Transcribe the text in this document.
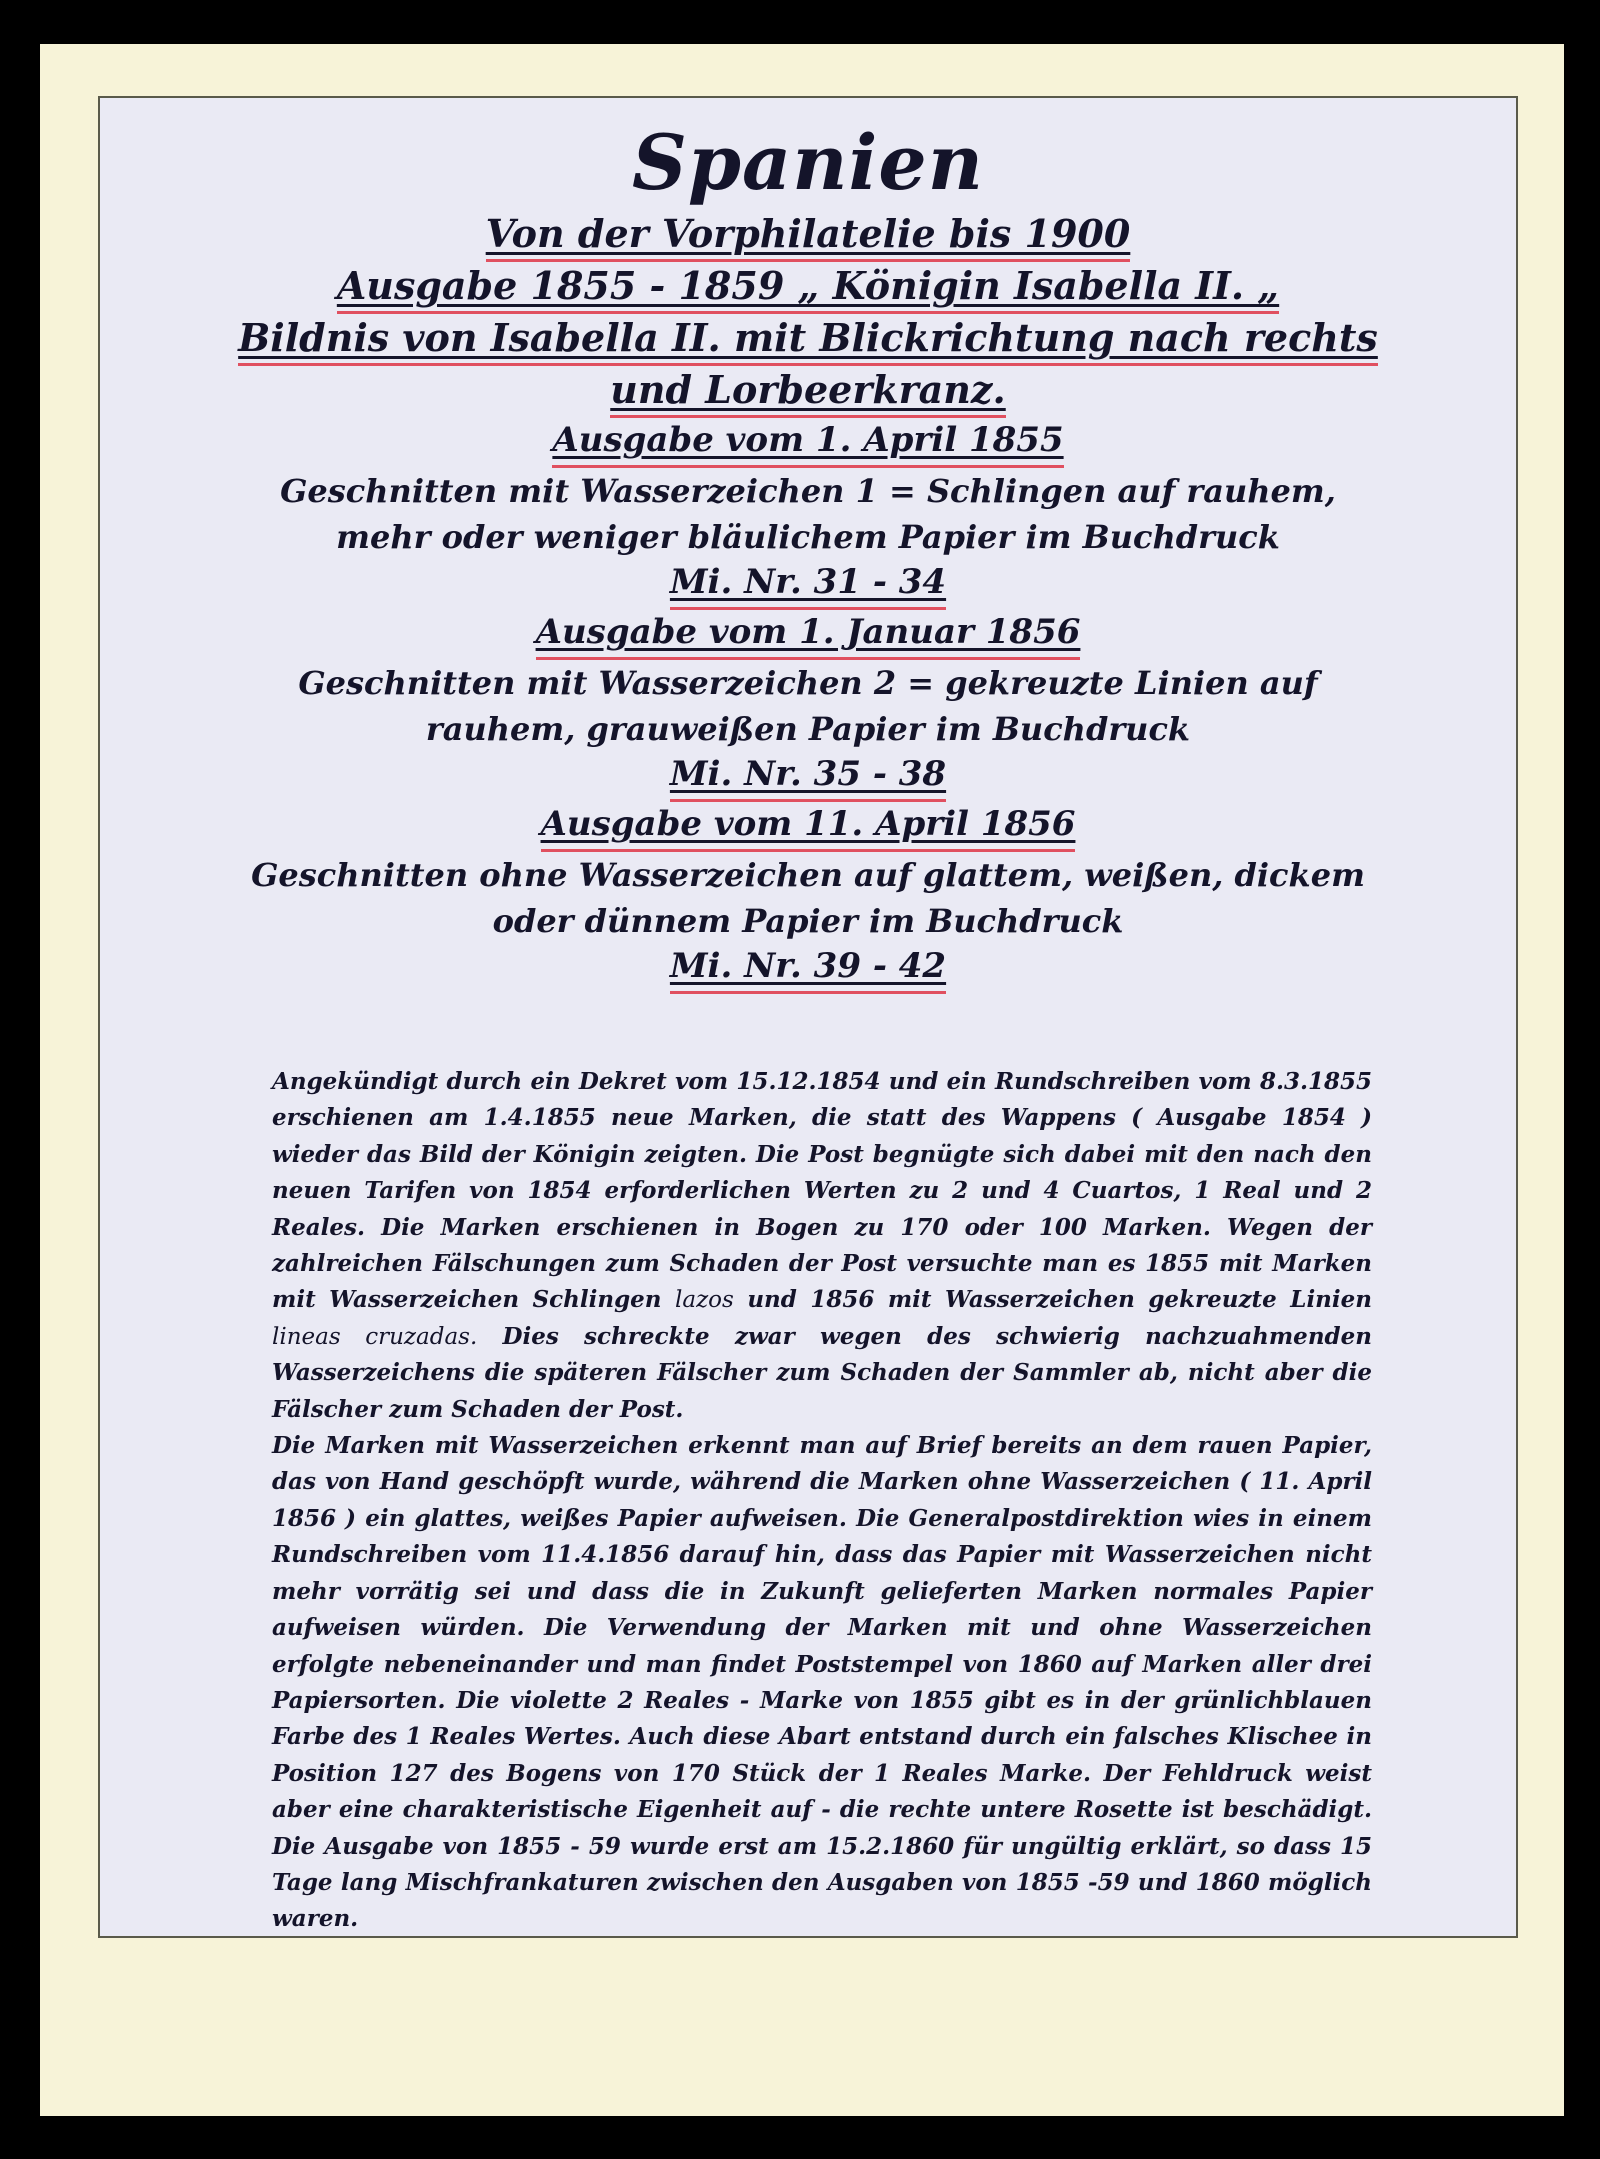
Spanien
Von der Vorphilatelie bis 1900
Ausgabe 1855 - 1859 „ Königin Isabella II. „
Bildnis von Isabella II. mit Blickrichtung nach rechts
und Lorbeerkranz.
Ausgabe vom 1. April 1855
Geschnitten mit Wasserzeichen 1 = Schlingen auf rauhem,
mehr oder weniger bläulichem Papier im Buchdruck
Mi. Nr. 31 - 34
Ausgabe vom 1. Januar 1856
Geschnitten mit Wasserzeichen 2 = gekreuzte Linien auf
rauhem, grauweißen Papier im Buchdruck
Mi. Nr. 35 - 38
Ausgabe vom 11. April 1856
Geschnitten ohne Wasserzeichen auf glattem, weißen, dickem
oder dünnem Papier im Buchdruck
Mi. Nr. 39 - 42

Angekündigt durch ein Dekret vom 15.12.1854 und ein Rundschreiben vom 8.3.1855 erschienen am 1.4.1855 neue Marken, die statt des Wappens ( Ausgabe 1854 ) wieder das Bild der Königin zeigten. Die Post begnügte sich dabei mit den nach den neuen Tarifen von 1854 erforderlichen Werten zu 2 und 4 Cuartos, 1 Real und 2 Reales. Die Marken erschienen in Bogen zu 170 oder 100 Marken. Wegen der zahlreichen Fälschungen zum Schaden der Post versuchte man es 1855 mit Marken mit Wasserzeichen Schlingen lazos und 1856 mit Wasserzeichen gekreuzte Linien lineas cruzadas. Dies schreckte zwar wegen des schwierig nachzuahmenden Wasserzeichens die späteren Fälscher zum Schaden der Sammler ab, nicht aber die Fälscher zum Schaden der Post.

Die Marken mit Wasserzeichen erkennt man auf Brief bereits an dem rauen Papier, das von Hand geschöpft wurde, während die Marken ohne Wasserzeichen ( 11. April 1856 ) ein glattes, weißes Papier aufweisen. Die Generalpostdirektion wies in einem Rundschreiben vom 11.4.1856 darauf hin, dass das Papier mit Wasserzeichen nicht mehr vorrätig sei und dass die in Zukunft gelieferten Marken normales Papier aufweisen würden. Die Verwendung der Marken mit und ohne Wasserzeichen erfolgte nebeneinander und man findet Poststempel von 1860 auf Marken aller drei Papiersorten. Die violette 2 Reales - Marke von 1855 gibt es in der grünlichblauen Farbe des 1 Reales Wertes. Auch diese Abart entstand durch ein falsches Klischee in Position 127 des Bogens von 170 Stück der 1 Reales Marke. Der Fehldruck weist aber eine charakteristische Eigenheit auf - die rechte untere Rosette ist beschädigt. Die Ausgabe von 1855 - 59 wurde erst am 15.2.1860 für ungültig erklärt, so dass 15 Tage lang Mischfrankaturen zwischen den Ausgaben von 1855 -59 und 1860 möglich waren.
